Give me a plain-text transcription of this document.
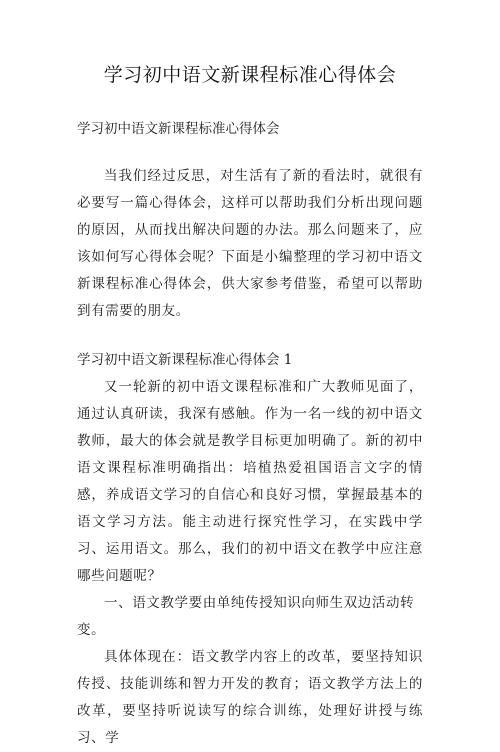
学习初中语文新课程标准心得体会

学习初中语文新课程标准心得体会

当我们经过反思，对生活有了新的看法时，就很有必要写一篇心得体会，这样可以帮助我们分析出现问题的原因，从而找出解决问题的办法。那么问题来了，应该如何写心得体会呢？下面是小编整理的学习初中语文新课程标准心得体会，供大家参考借鉴，希望可以帮助到有需要的朋友。

学习初中语文新课程标准心得体会 1

又一轮新的初中语文课程标准和广大教师见面了，通过认真研读，我深有感触。作为一名一线的初中语文教师，最大的体会就是教学目标更加明确了。新的初中语文课程标准明确指出：培植热爱祖国语言文字的情感，养成语文学习的自信心和良好习惯，掌握最基本的语文学习方法。能主动进行探究性学习，在实践中学习、运用语文。那么，我们的初中语文在教学中应注意哪些问题呢？

一、语文教学要由单纯传授知识向师生双边活动转变。

具体体现在：语文教学内容上的改革，要坚持知识传授、技能训练和智力开发的教育；语文教学方法上的改革，要坚持听说读写的综合训练，处理好讲授与练习、学
